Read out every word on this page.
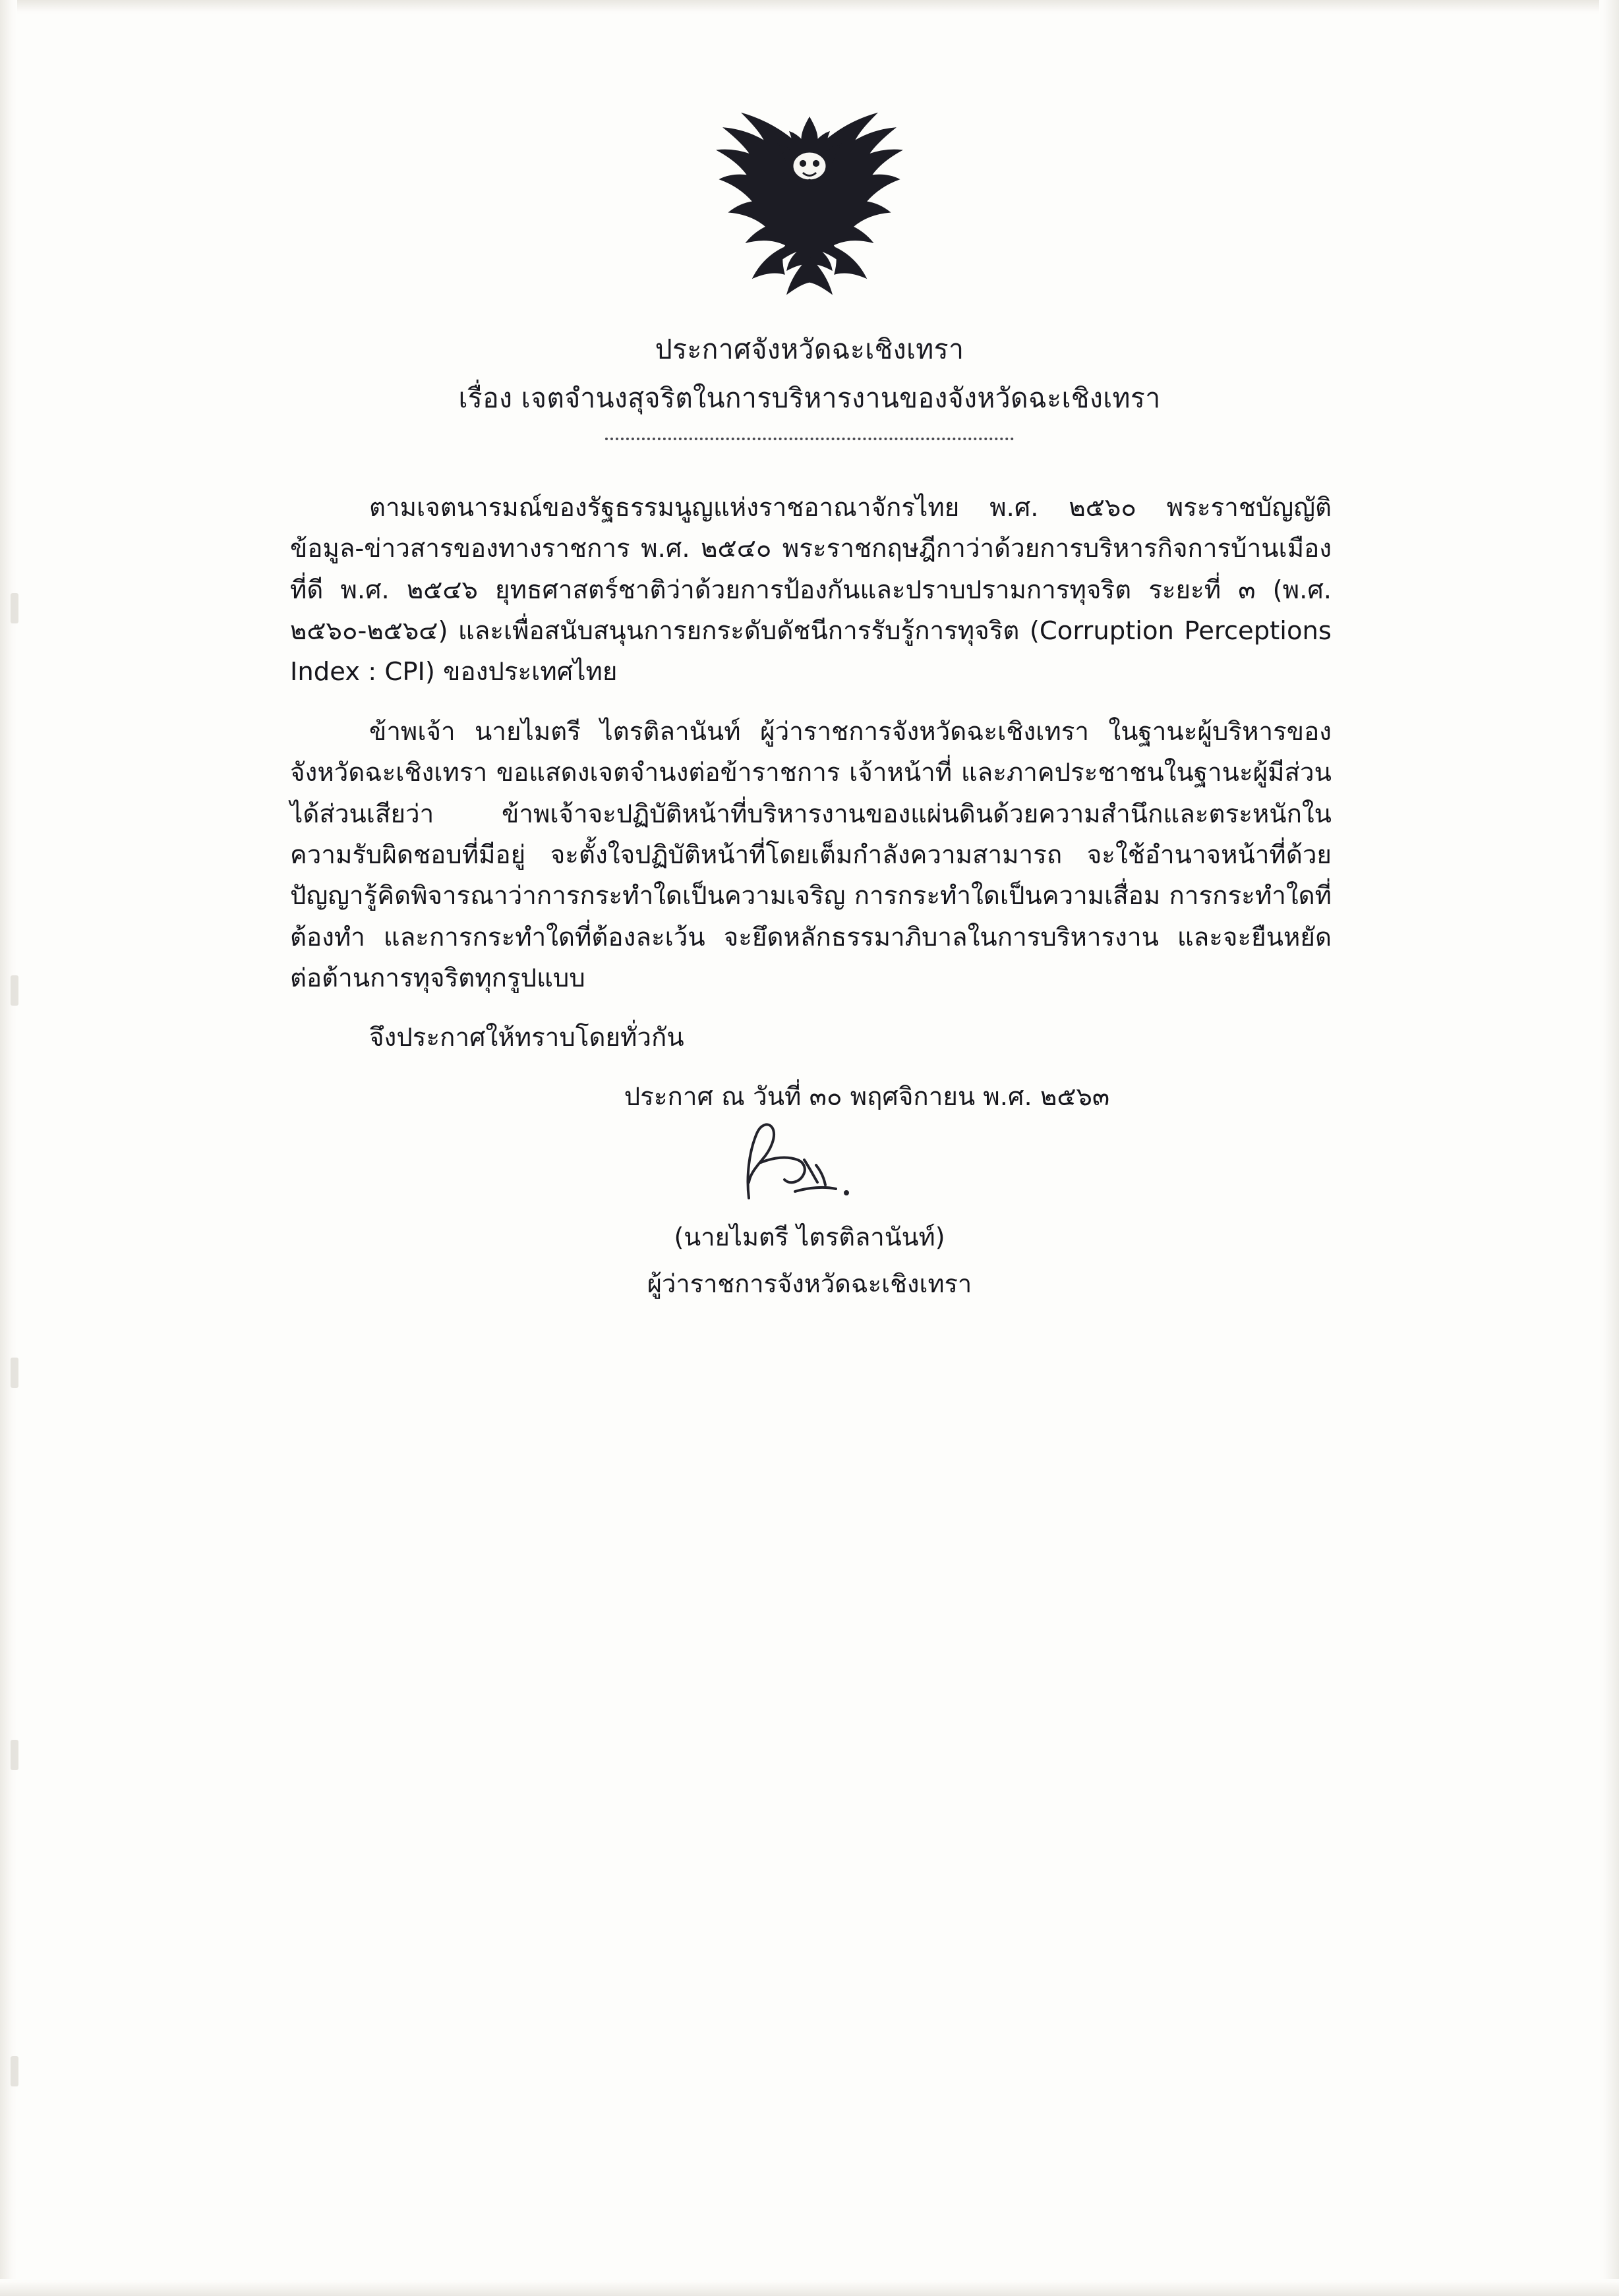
ประกาศจังหวัดฉะเชิงเทรา
เรื่อง เจตจำนงสุจริตในการบริหารงานของจังหวัดฉะเชิงเทรา

ตามเจตนารมณ์ของรัฐธรรมนูญแห่งราชอาณาจักรไทย พ.ศ. ๒๕๖๐ พระราชบัญญัติข้อมูล-ข่าวสารของทางราชการ พ.ศ. ๒๕๔๐ พระราชกฤษฎีกาว่าด้วยการบริหารกิจการบ้านเมืองที่ดี พ.ศ. ๒๕๔๖ ยุทธศาสตร์ชาติว่าด้วยการป้องกันและปราบปรามการทุจริต ระยะที่ ๓ (พ.ศ. ๒๕๖๐-๒๕๖๔) และเพื่อสนับสนุนการยกระดับดัชนีการรับรู้การทุจริต (Corruption Perceptions Index : CPI) ของประเทศไทย

ข้าพเจ้า นายไมตรี ไตรติลานันท์ ผู้ว่าราชการจังหวัดฉะเชิงเทรา ในฐานะผู้บริหารของจังหวัดฉะเชิงเทรา ขอแสดงเจตจำนงต่อข้าราชการ เจ้าหน้าที่ และภาคประชาชนในฐานะผู้มีส่วนได้ส่วนเสียว่า ข้าพเจ้าจะปฏิบัติหน้าที่บริหารงานของแผ่นดินด้วยความสำนึกและตระหนักในความรับผิดชอบที่มีอยู่ จะตั้งใจปฏิบัติหน้าที่โดยเต็มกำลังความสามารถ จะใช้อำนาจหน้าที่ด้วยปัญญารู้คิดพิจารณาว่าการกระทำใดเป็นความเจริญ การกระทำใดเป็นความเสื่อม การกระทำใดที่ต้องทำ และการกระทำใดที่ต้องละเว้น จะยึดหลักธรรมาภิบาลในการบริหารงาน และจะยืนหยัดต่อต้านการทุจริตทุกรูปแบบ

จึงประกาศให้ทราบโดยทั่วกัน

ประกาศ ณ วันที่ ๓๐ พฤศจิกายน พ.ศ. ๒๕๖๓
(นายไมตรี ไตรติลานันท์)
ผู้ว่าราชการจังหวัดฉะเชิงเทรา
